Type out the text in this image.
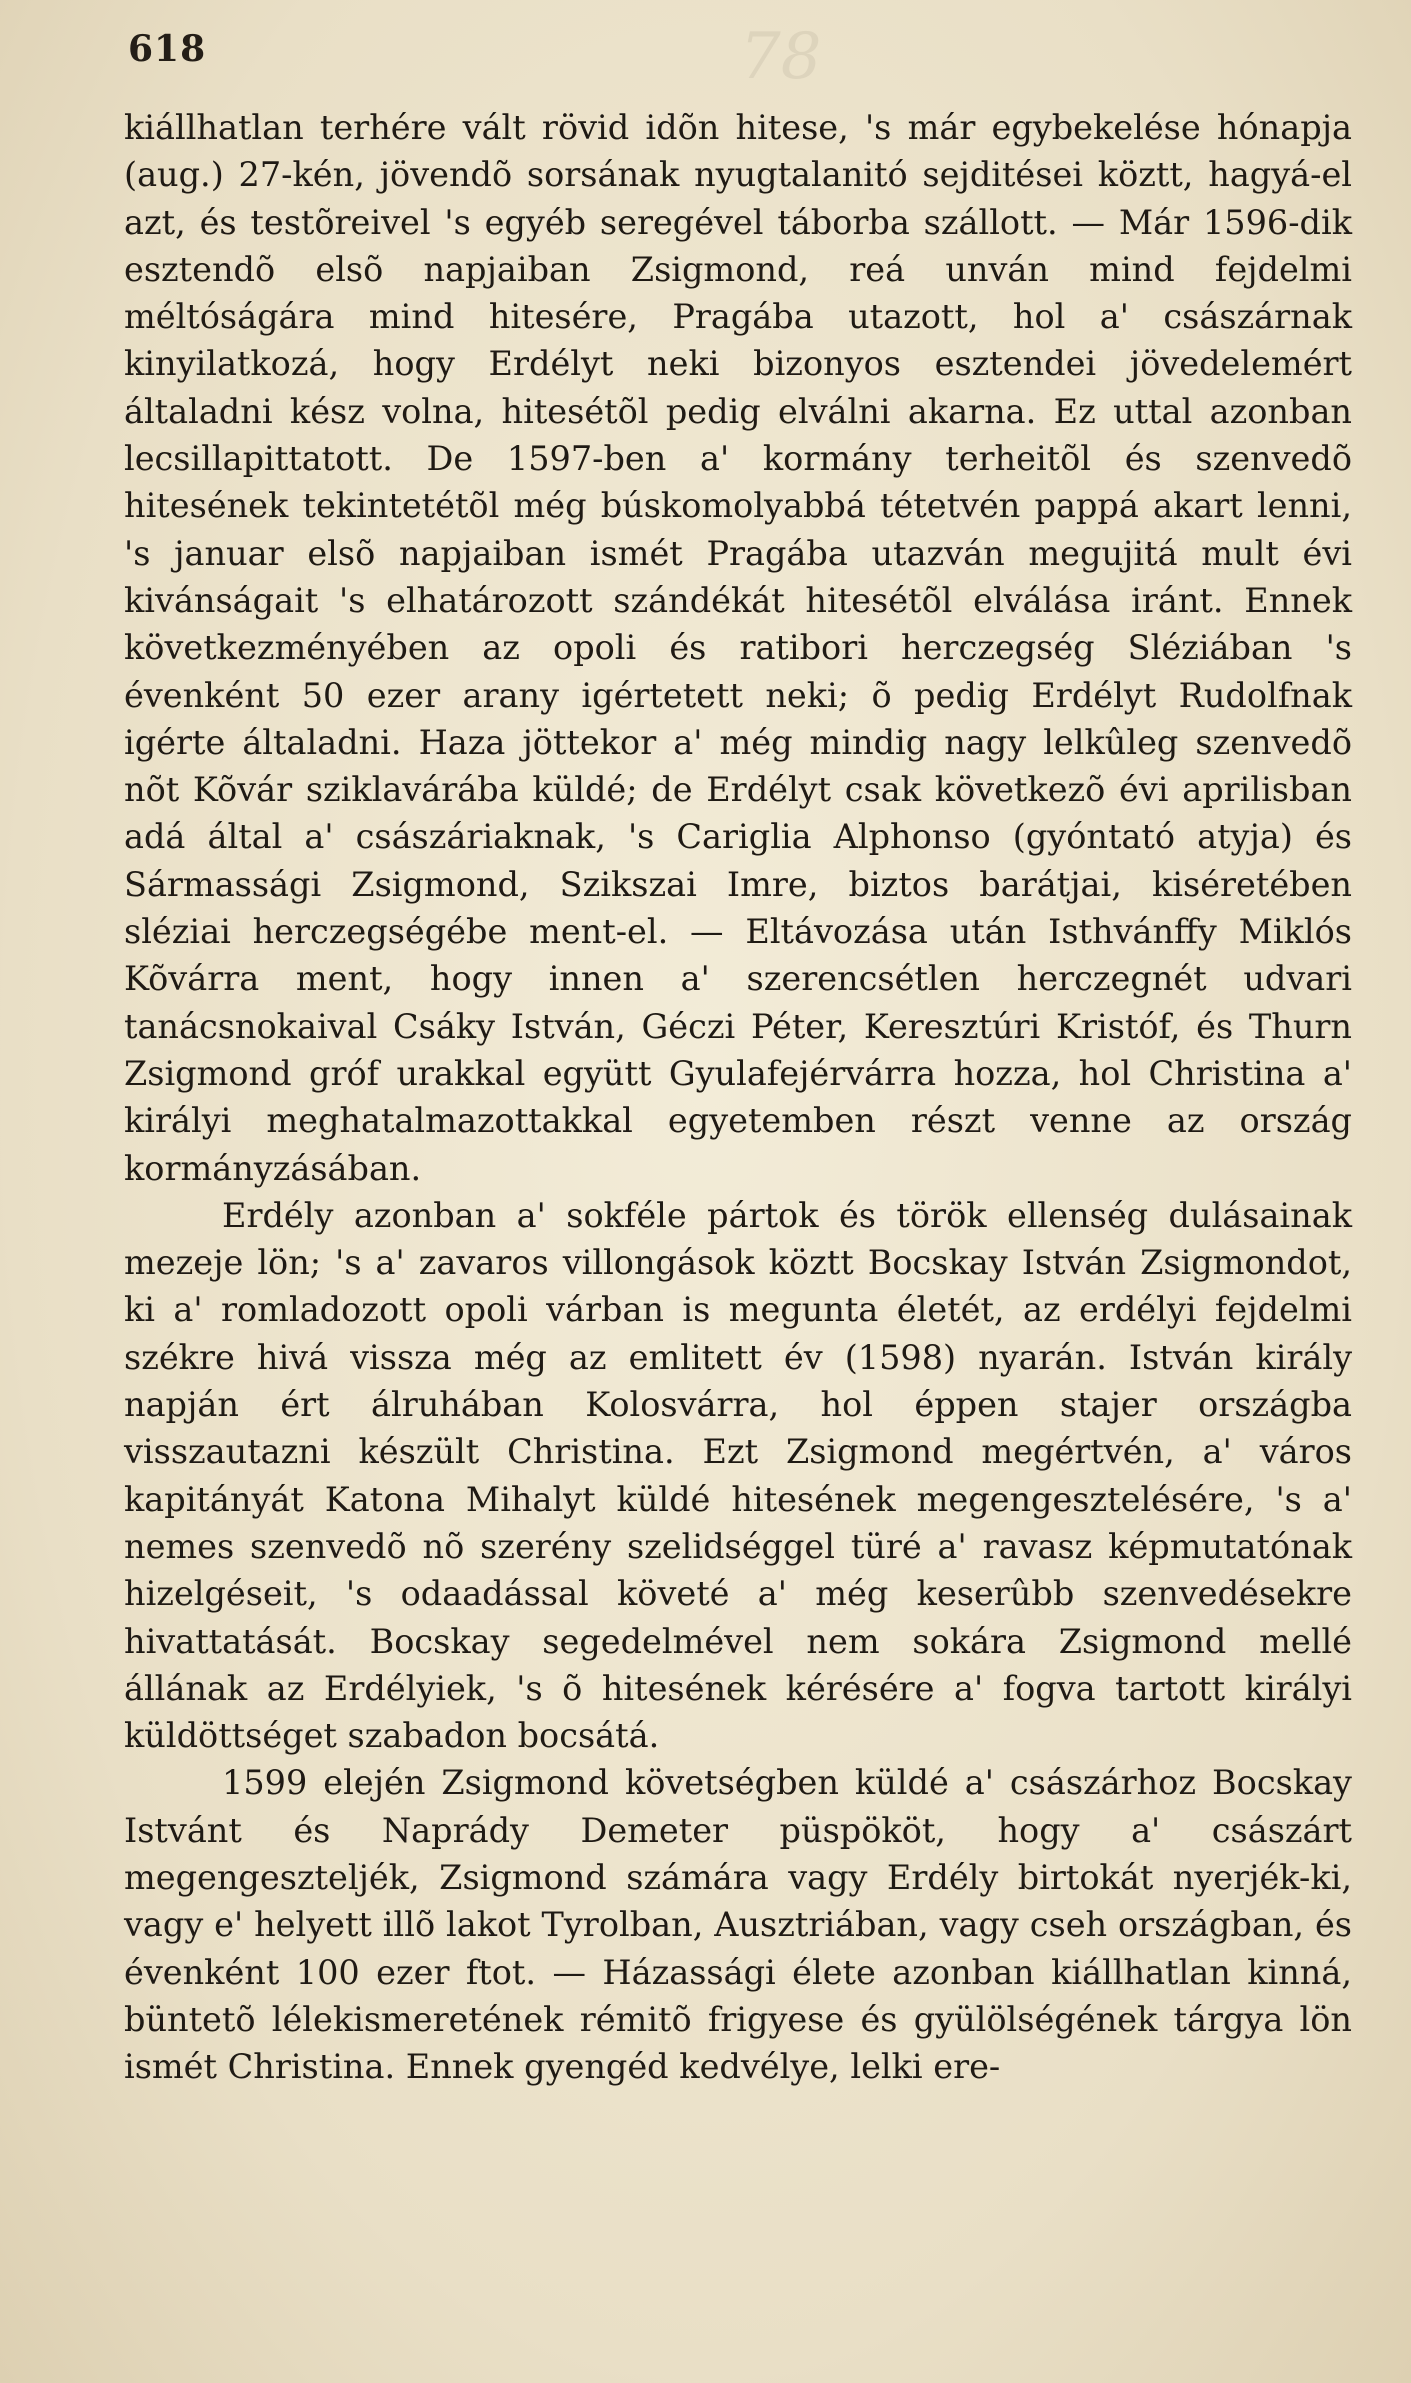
618	78

kiállhatlan terhére vált rövid idõn hitese, 's már egybekelése hónapja (aug.) 27-kén, jövendõ sorsának nyugtalanitó sejditései köztt, hagyá-el azt, és testõreivel 's egyéb seregével táborba szállott. — Már 1596-dik esztendõ elsõ napjaiban Zsigmond, reá unván mind fejdelmi méltóságára mind hitesére, Pragába utazott, hol a' császárnak kinyilatkozá, hogy Erdélyt neki bizonyos esztendei jövedelemért általadni kész volna, hitesétõl pedig elválni akarna. Ez uttal azonban lecsillapittatott. De 1597-ben a' kormány terheitõl és szenvedõ hitesének tekintetétõl még búskomolyabbá tétetvén pappá akart lenni, 's januar elsõ napjaiban ismét Pragába utazván megujitá mult évi kivánságait 's elhatározott szándékát hitesétõl elválása iránt. Ennek következményében az opoli és ratibori herczegség Sléziában 's évenként 50 ezer arany igértetett neki; õ pedig Erdélyt Rudolfnak igérte általadni. Haza jöttekor a' még mindig nagy lelkûleg szenvedõ nõt Kõvár sziklavárába küldé; de Erdélyt csak következõ évi aprilisban adá által a' császáriaknak, 's Cariglia Alphonso (gyóntató atyja) és Sármassági Zsigmond, Szikszai Imre, biztos barátjai, kiséretében sléziai herczegségébe ment-el. — Eltávozása után Isthvánffy Miklós Kõvárra ment, hogy innen a' szerencsétlen herczegnét udvari tanácsnokaival Csáky István, Géczi Péter, Keresztúri Kristóf, és Thurn Zsigmond gróf urakkal együtt Gyulafejérvárra hozza, hol Christina a' királyi meghatalmazottakkal egyetemben részt venne az ország kormányzásában.

Erdély azonban a' sokféle pártok és török ellenség dulásainak mezeje lön; 's a' zavaros villongások köztt Bocskay István Zsigmondot, ki a' romladozott opoli várban is megunta életét, az erdélyi fejdelmi székre hivá vissza még az emlitett év (1598) nyarán. István király napján ért álruhában Kolosvárra, hol éppen stajer országba visszautazni készült Christina. Ezt Zsigmond megértvén, a' város kapitányát Katona Mihalyt küldé hitesének megengesztelésére, 's a' nemes szenvedõ nõ szerény szelidséggel türé a' ravasz képmutatónak hizelgéseit, 's odaadással követé a' még keserûbb szenvedésekre hivattatását. Bocskay segedelmével nem sokára Zsigmond mellé állának az Erdélyiek, 's õ hitesének kérésére a' fogva tartott királyi küldöttséget szabadon bocsátá.

1599 elején Zsigmond követségben küldé a' császárhoz Bocskay Istvánt és Naprády Demeter püspököt, hogy a' császárt megengeszteljék, Zsigmond számára vagy Erdély birtokát nyerjék-ki, vagy e' helyett illõ lakot Tyrolban, Ausztriában, vagy cseh országban, és évenként 100 ezer ftot. — Házassági élete azonban kiállhatlan kinná, büntetõ lélekismeretének rémitõ frigyese és gyülölségének tárgya lön ismét Christina. Ennek gyengéd kedvélye, lelki ere-
